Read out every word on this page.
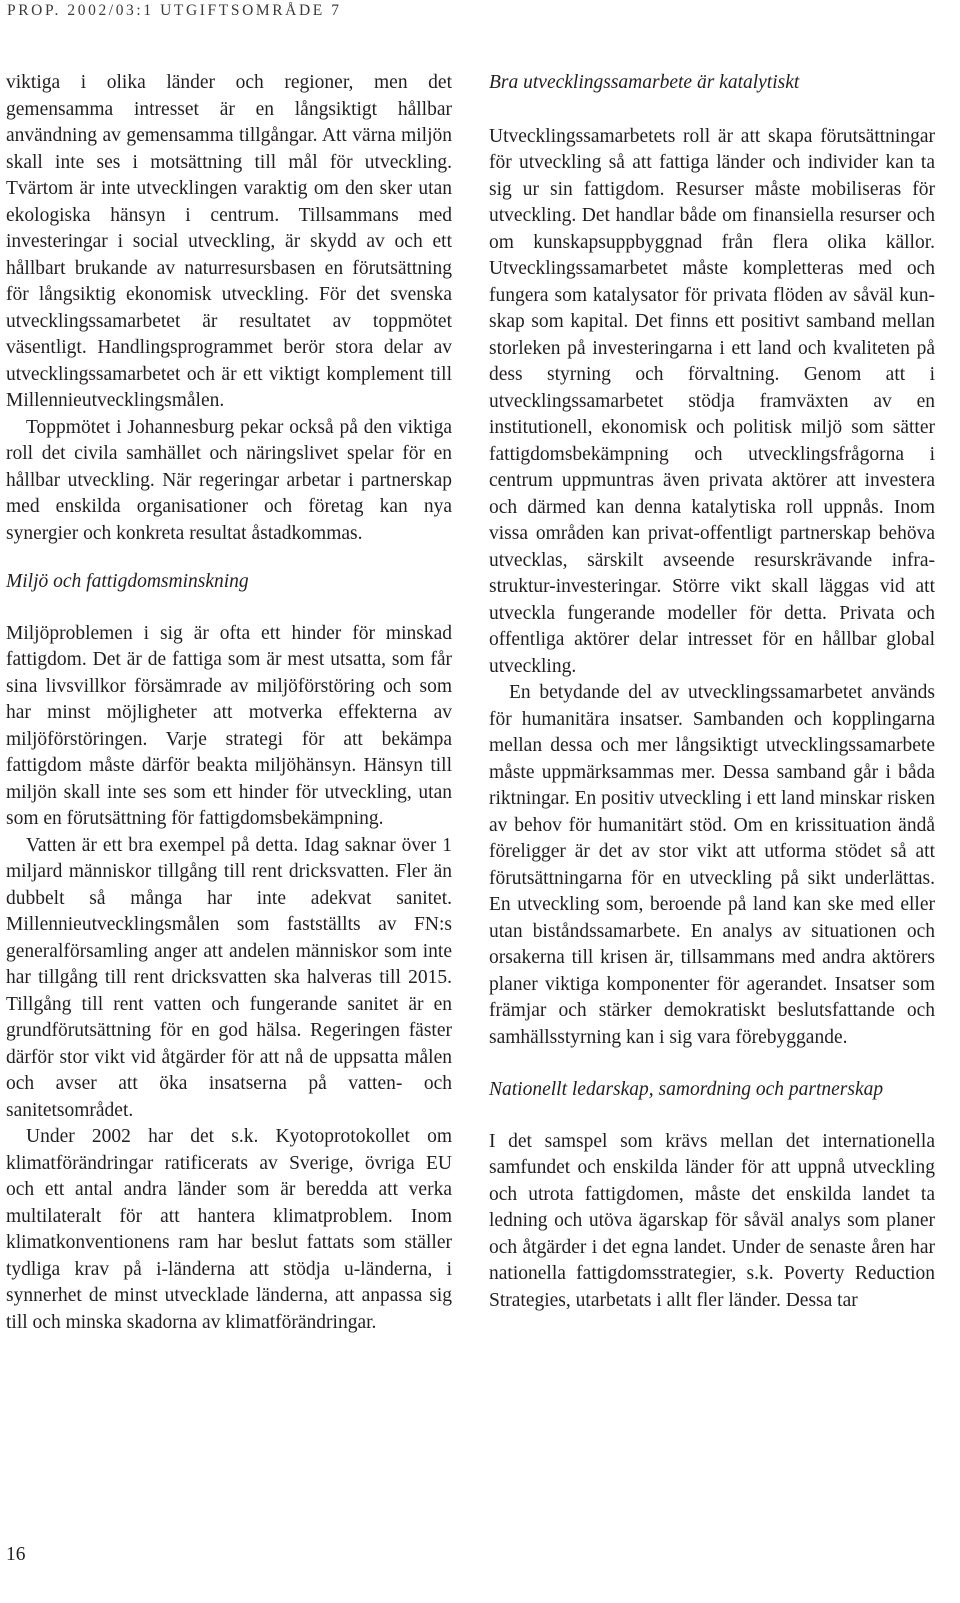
PROP. 2002/03:1 UTGIFTSOMRÅDE 7

viktiga i olika länder och regioner, men det gemensamma intresset är en långsiktigt hållbar användning av gemensamma tillgångar. Att värna miljön skall inte ses i motsättning till mål för utveckling. Tvärtom är inte utvecklingen varaktig om den sker utan ekologiska hänsyn i centrum. Tillsammans med investeringar i social utveckling, är skydd av och ett hållbart brukande av naturresursbasen en förutsättning för långsiktig ekonomisk utveckling. För det svenska utvecklingssamarbetet är resultatet av toppmötet väsentligt. Handlingsprogrammet berör stora delar av utvecklingssamarbetet och är ett viktigt komplement till Millennieutvecklingsmålen.

Toppmötet i Johannesburg pekar också på den viktiga roll det civila samhället och näringslivet spelar för en hållbar utveckling. När regeringar arbetar i partnerskap med enskilda organisationer och företag kan nya synergier och konkreta resultat åstadkommas.

Miljö och fattigdomsminskning

Miljöproblemen i sig är ofta ett hinder för minskad fattigdom. Det är de fattiga som är mest utsatta, som får sina livsvillkor försämrade av miljöförstöring och som har minst möjligheter att motverka effekterna av miljöförstöringen. Varje strategi för att bekämpa fattigdom måste därför beakta miljöhänsyn. Hänsyn till miljön skall inte ses som ett hinder för utveckling, utan som en förutsättning för fattigdomsbekämpning.

Vatten är ett bra exempel på detta. Idag saknar över 1 miljard människor tillgång till rent dricksvatten. Fler än dubbelt så många har inte adekvat sanitet. Millennieutvecklingsmålen som fastställts av FN:s generalförsamling anger att andelen människor som inte har tillgång till rent dricksvatten ska halveras till 2015. Tillgång till rent vatten och fungerande sanitet är en grundförutsättning för en god hälsa. Regeringen fäster därför stor vikt vid åtgärder för att nå de uppsatta målen och avser att öka insatserna på vatten- och sanitetsområdet.

Under 2002 har det s.k. Kyotoprotokollet om klimatförändringar ratificerats av Sverige, övriga EU och ett antal andra länder som är beredda att verka multilateralt för att hantera klimatproblem. Inom klimatkonventionens ram har beslut fattats som ställer tydliga krav på i-länderna att stödja u-länderna, i synnerhet de minst utvecklade länderna, att anpassa sig till och minska skadorna av klimatförändringar.

Bra utvecklingssamarbete är katalytiskt

Utvecklingssamarbetets roll är att skapa förutsättningar för utveckling så att fattiga länder och individer kan ta sig ur sin fattigdom. Resurser måste mobiliseras för utveckling. Det handlar både om finansiella resurser och om kunskapsuppbyggnad från flera olika källor. Utvecklingssamarbetet måste kompletteras med och fungera som katalysator för privata flöden av såväl kunskap som kapital. Det finns ett positivt samband mellan storleken på investeringarna i ett land och kvaliteten på dess styrning och förvaltning. Genom att i utvecklingssamarbetet stödja framväxten av en institutionell, ekonomisk och politisk miljö som sätter fattigdomsbekämpning och utvecklingsfrågorna i centrum uppmuntras även privata aktörer att investera och därmed kan denna katalytiska roll uppnås. Inom vissa områden kan privat-offentligt partnerskap behöva utvecklas, särskilt avseende resurskrävande infrastruktur-investeringar. Större vikt skall läggas vid att utveckla fungerande modeller för detta. Privata och offentliga aktörer delar intresset för en hållbar global utveckling.

En betydande del av utvecklingssamarbetet används för humanitära insatser. Sambanden och kopplingarna mellan dessa och mer långsiktigt utvecklingssamarbete måste uppmärksammas mer. Dessa samband går i båda riktningar. En positiv utveckling i ett land minskar risken av behov för humanitärt stöd. Om en krissituation ändå föreligger är det av stor vikt att utforma stödet så att förutsättningarna för en utveckling på sikt underlättas. En utveckling som, beroende på land kan ske med eller utan biståndssamarbete. En analys av situationen och orsakerna till krisen är, tillsammans med andra aktörers planer viktiga komponenter för agerandet. Insatser som främjar och stärker demokratiskt beslutsfattande och samhällsstyrning kan i sig vara förebyggande.

Nationellt ledarskap, samordning och partnerskap

I det samspel som krävs mellan det internationella samfundet och enskilda länder för att uppnå utveckling och utrota fattigdomen, måste det enskilda landet ta ledning och utöva ägarskap för såväl analys som planer och åtgärder i det egna landet. Under de senaste åren har nationella fattigdomsstrategier, s.k. Poverty Reduction Strategies, utarbetats i allt fler länder. Dessa tar

16
